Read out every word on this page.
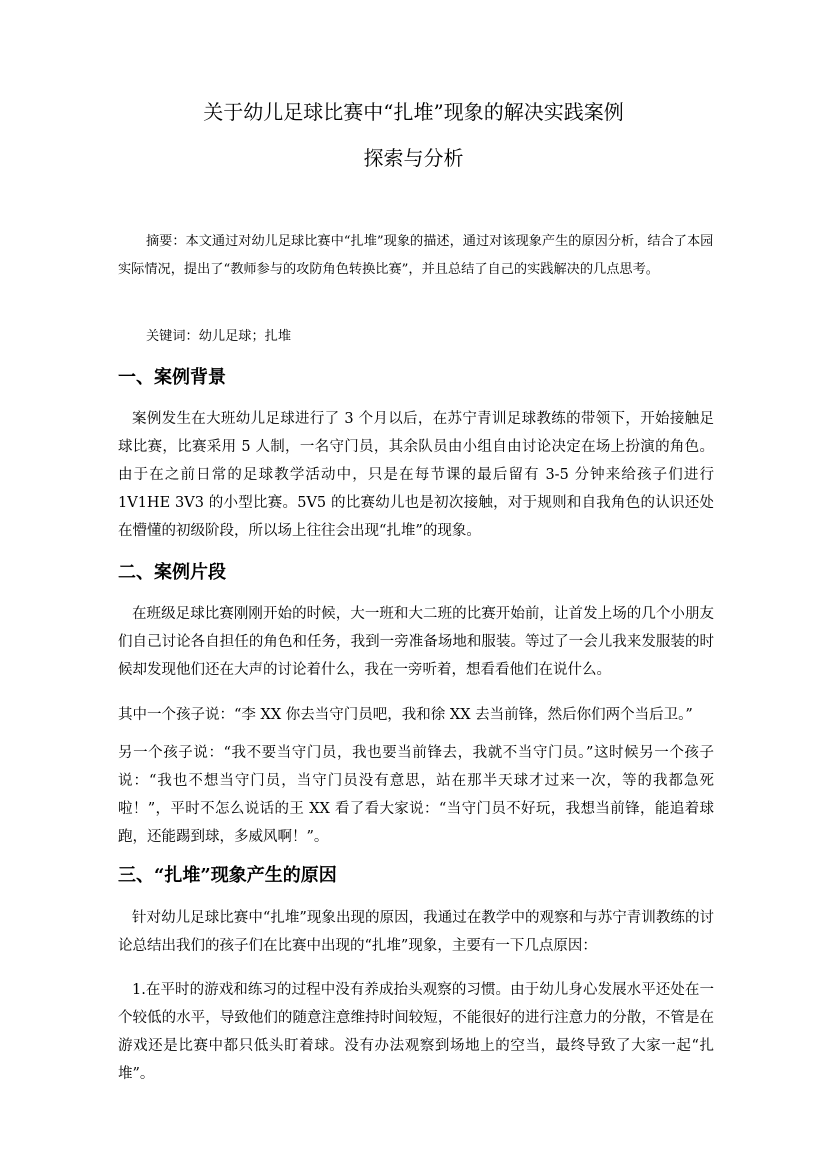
关于幼儿足球比赛中“扎堆”现象的解决实践案例
探索与分析

摘要：本文通过对幼儿足球比赛中“扎堆”现象的描述，通过对该现象产生的原因分析，结合了本园实际情况，提出了“教师参与的攻防角色转换比赛”，并且总结了自己的实践解决的几点思考。

关键词：幼儿足球；扎堆
一、案例背景

案例发生在大班幼儿足球进行了 3 个月以后，在苏宁青训足球教练的带领下，开始接触足球比赛，比赛采用 5 人制，一名守门员，其余队员由小组自由讨论决定在场上扮演的角色。由于在之前日常的足球教学活动中，只是在每节课的最后留有 3-5 分钟来给孩子们进行 1V1HE 3V3 的小型比赛。5V5 的比赛幼儿也是初次接触，对于规则和自我角色的认识还处在懵懂的初级阶段，所以场上往往会出现“扎堆”的现象。

二、案例片段

在班级足球比赛刚刚开始的时候，大一班和大二班的比赛开始前，让首发上场的几个小朋友们自己讨论各自担任的角色和任务，我到一旁准备场地和服装。等过了一会儿我来发服装的时候却发现他们还在大声的讨论着什么，我在一旁听着，想看看他们在说什么。

其中一个孩子说：“李 XX 你去当守门员吧，我和徐 XX 去当前锋，然后你们两个当后卫。”

另一个孩子说：“我不要当守门员，我也要当前锋去，我就不当守门员。”这时候另一个孩子说：“我也不想当守门员，当守门员没有意思，站在那半天球才过来一次，等的我都急死啦！”，平时不怎么说话的王 XX 看了看大家说：“当守门员不好玩，我想当前锋，能追着球跑，还能踢到球，多威风啊！”。

三、“扎堆”现象产生的原因

针对幼儿足球比赛中“扎堆”现象出现的原因，我通过在教学中的观察和与苏宁青训教练的讨论总结出我们的孩子们在比赛中出现的“扎堆”现象，主要有一下几点原因：

1.在平时的游戏和练习的过程中没有养成抬头观察的习惯。由于幼儿身心发展水平还处在一个较低的水平，导致他们的随意注意维持时间较短，不能很好的进行注意力的分散，不管是在游戏还是比赛中都只低头盯着球。没有办法观察到场地上的空当，最终导致了大家一起“扎堆”。
